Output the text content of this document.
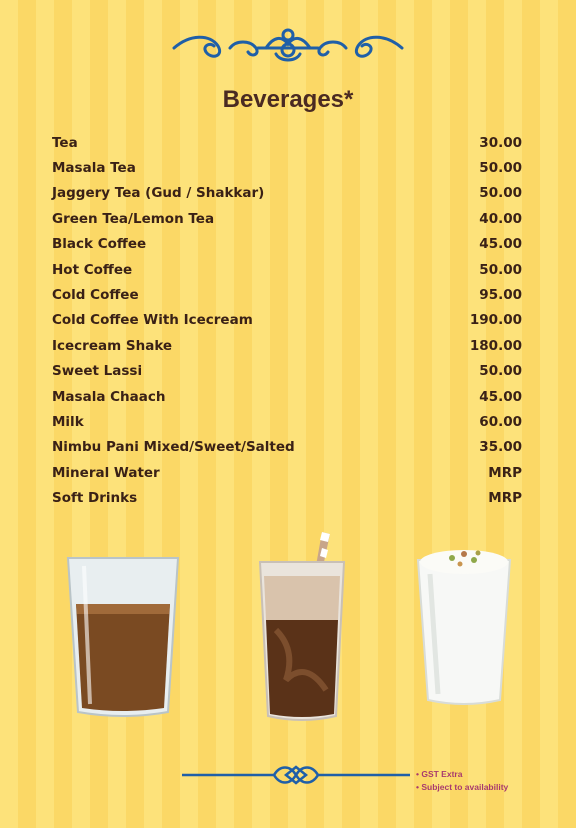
Beverages*
Tea	30.00
Masala Tea	50.00
Jaggery Tea (Gud / Shakkar)	50.00
Green Tea/Lemon Tea	40.00
Black Coffee	45.00
Hot Coffee	50.00
Cold Coffee	95.00
Cold Coffee With Icecream	190.00
Icecream Shake	180.00
Sweet Lassi	50.00
Masala Chaach	45.00
Milk	60.00
Nimbu Pani Mixed/Sweet/Salted	35.00
Mineral Water	MRP
Soft Drinks	MRP
• GST Extra
• Subject to availability
